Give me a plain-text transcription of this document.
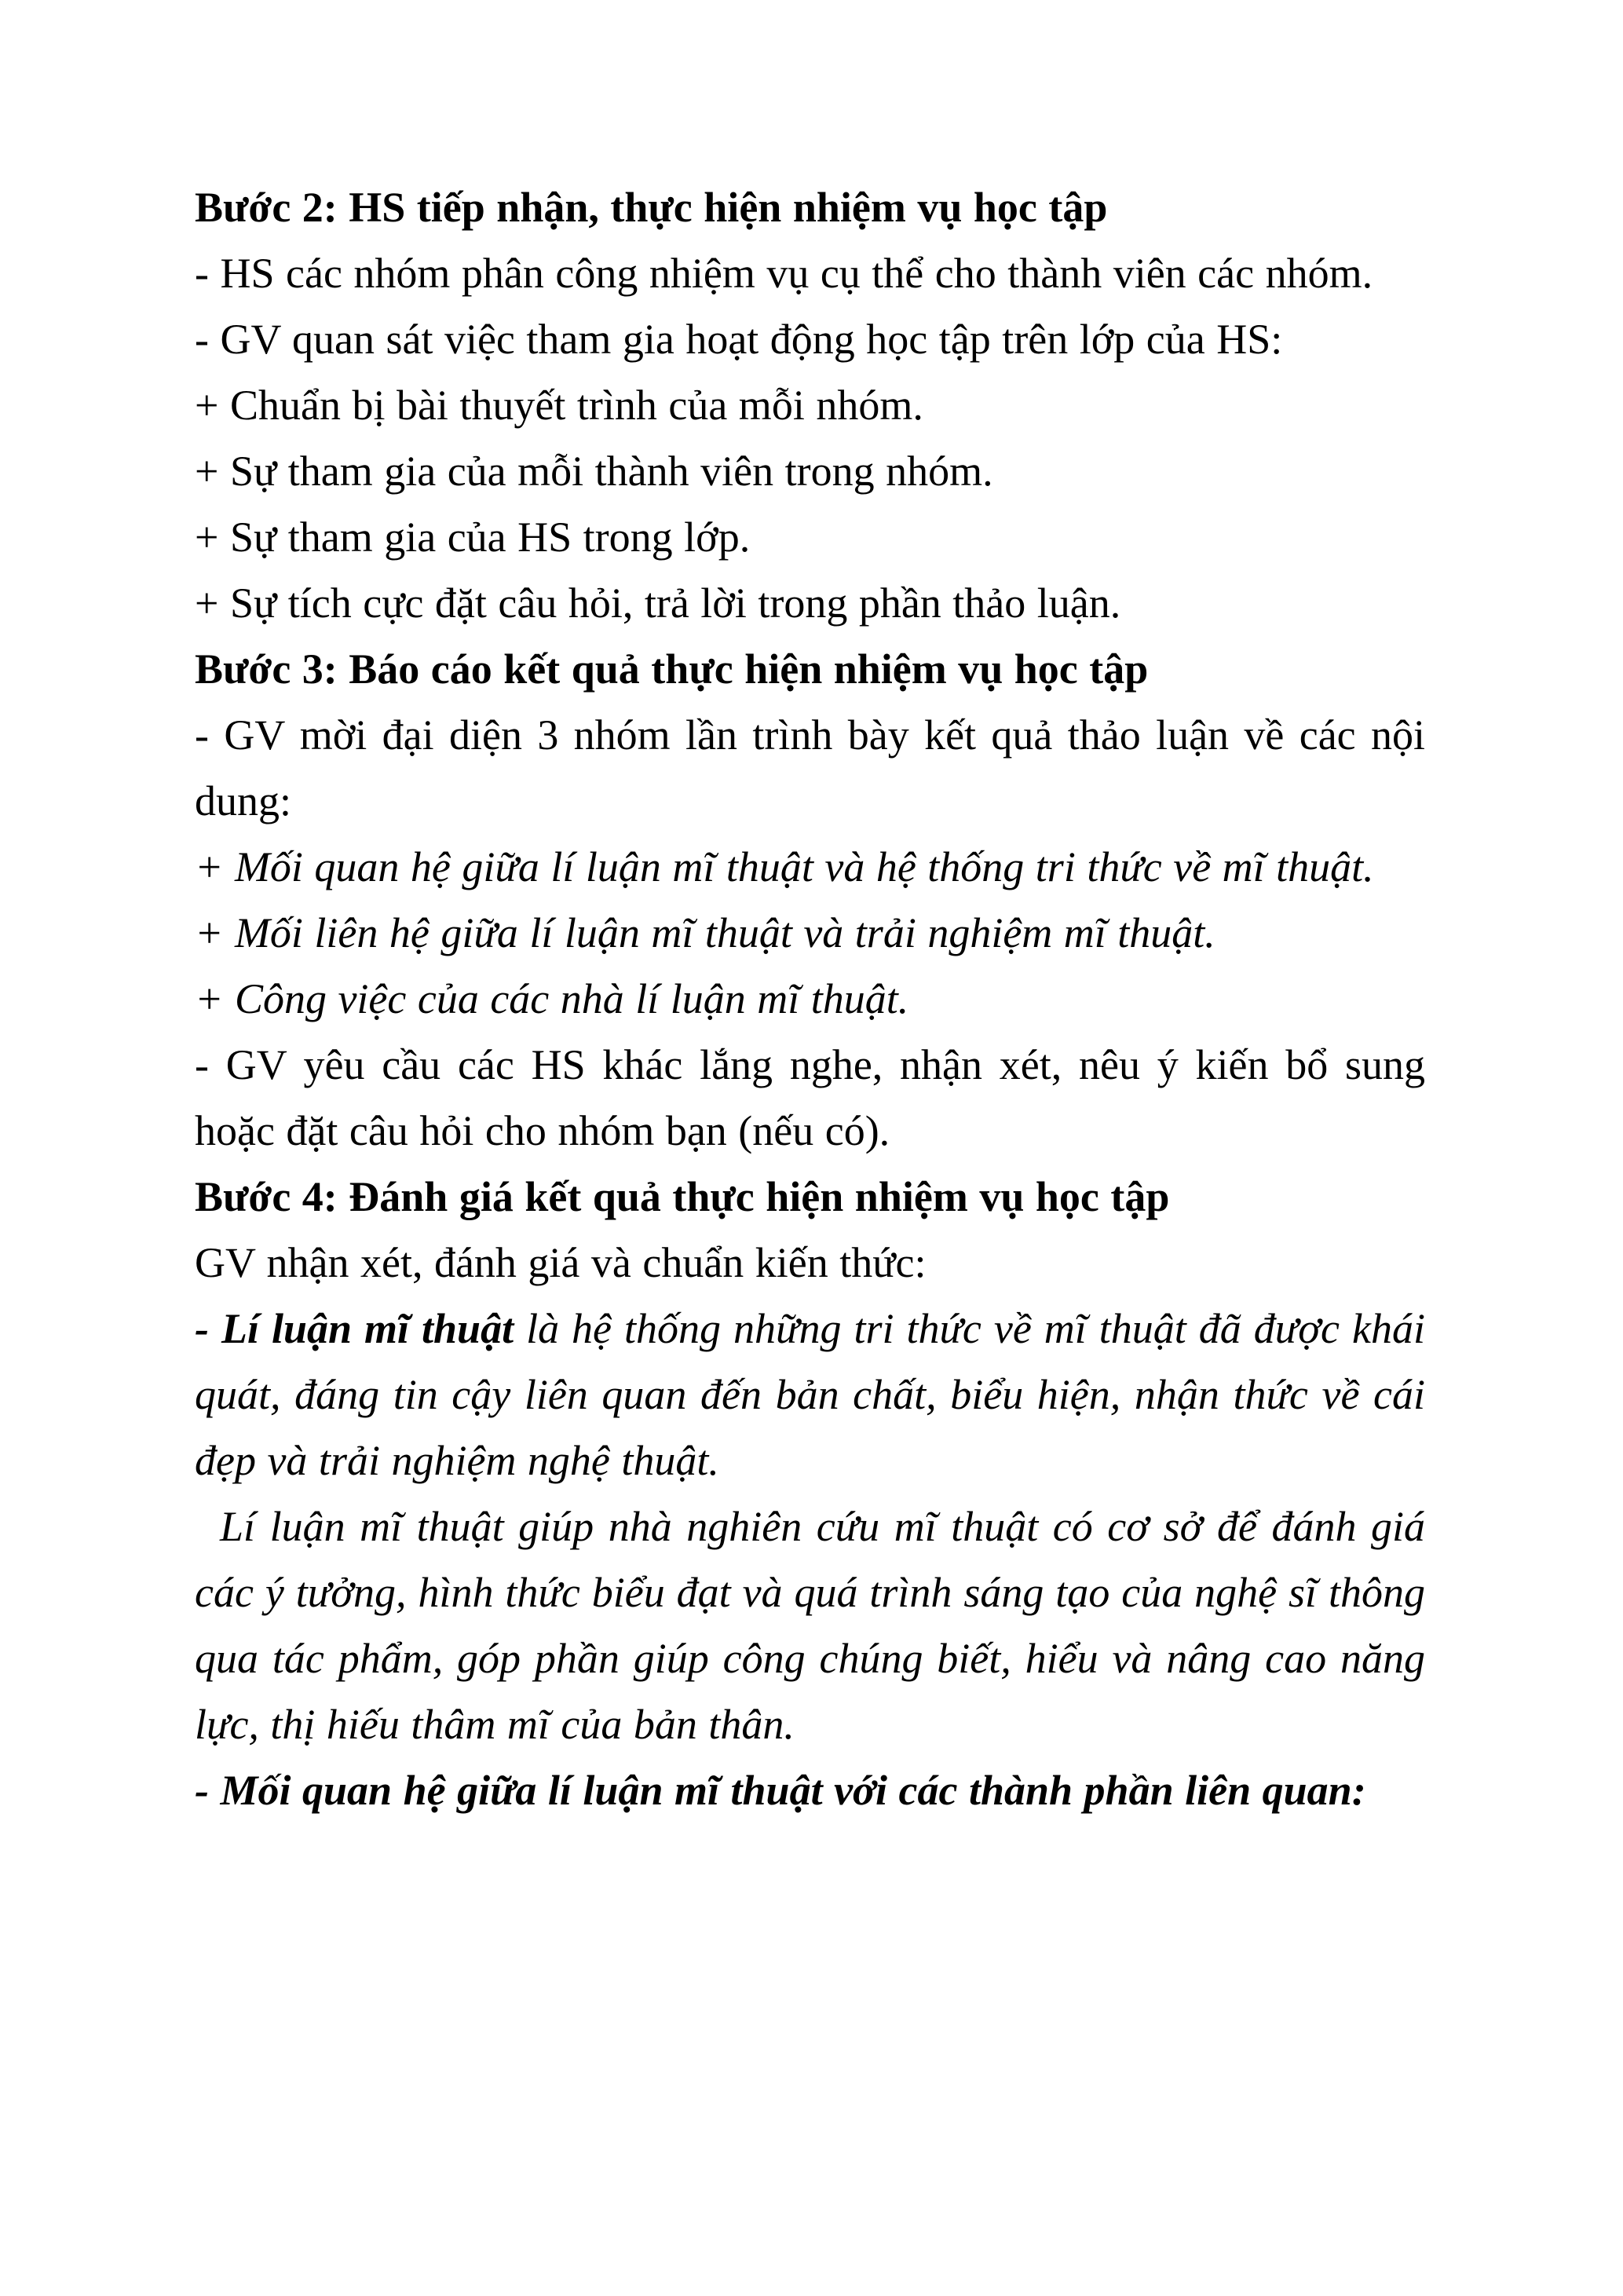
Bước 2: HS tiếp nhận, thực hiện nhiệm vụ học tập

- HS các nhóm phân công nhiệm vụ cụ thể cho thành viên các nhóm.

- GV quan sát việc tham gia hoạt động học tập trên lớp của HS:

+ Chuẩn bị bài thuyết trình của mỗi nhóm.

+ Sự tham gia của mỗi thành viên trong nhóm.

+ Sự tham gia của HS trong lớp.

+ Sự tích cực đặt câu hỏi, trả lời trong phần thảo luận.

Bước 3: Báo cáo kết quả thực hiện nhiệm vụ học tập

- GV mời đại diện 3 nhóm lần trình bày kết quả thảo luận về các nội dung:

+ Mối quan hệ giữa lí luận mĩ thuật và hệ thống tri thức về mĩ thuật.

+ Mối liên hệ giữa lí luận mĩ thuật và trải nghiệm mĩ thuật.

+ Công việc của các nhà lí luận mĩ thuật.

- GV yêu cầu các HS khác lắng nghe, nhận xét, nêu ý kiến bổ sung hoặc đặt câu hỏi cho nhóm bạn (nếu có).

Bước 4: Đánh giá kết quả thực hiện nhiệm vụ học tập

GV nhận xét, đánh giá và chuẩn kiến thức:

- Lí luận mĩ thuật là hệ thống những tri thức về mĩ thuật đã được khái quát, đáng tin cậy liên quan đến bản chất, biểu hiện, nhận thức về cái đẹp và trải nghiệm nghệ thuật.

Lí luận mĩ thuật giúp nhà nghiên cứu mĩ thuật có cơ sở để đánh giá các ý tưởng, hình thức biểu đạt và quá trình sáng tạo của nghệ sĩ thông qua tác phẩm, góp phần giúp công chúng biết, hiểu và nâng cao năng lực, thị hiếu thâm mĩ của bản thân.

- Mối quan hệ giữa lí luận mĩ thuật với các thành phần liên quan:
